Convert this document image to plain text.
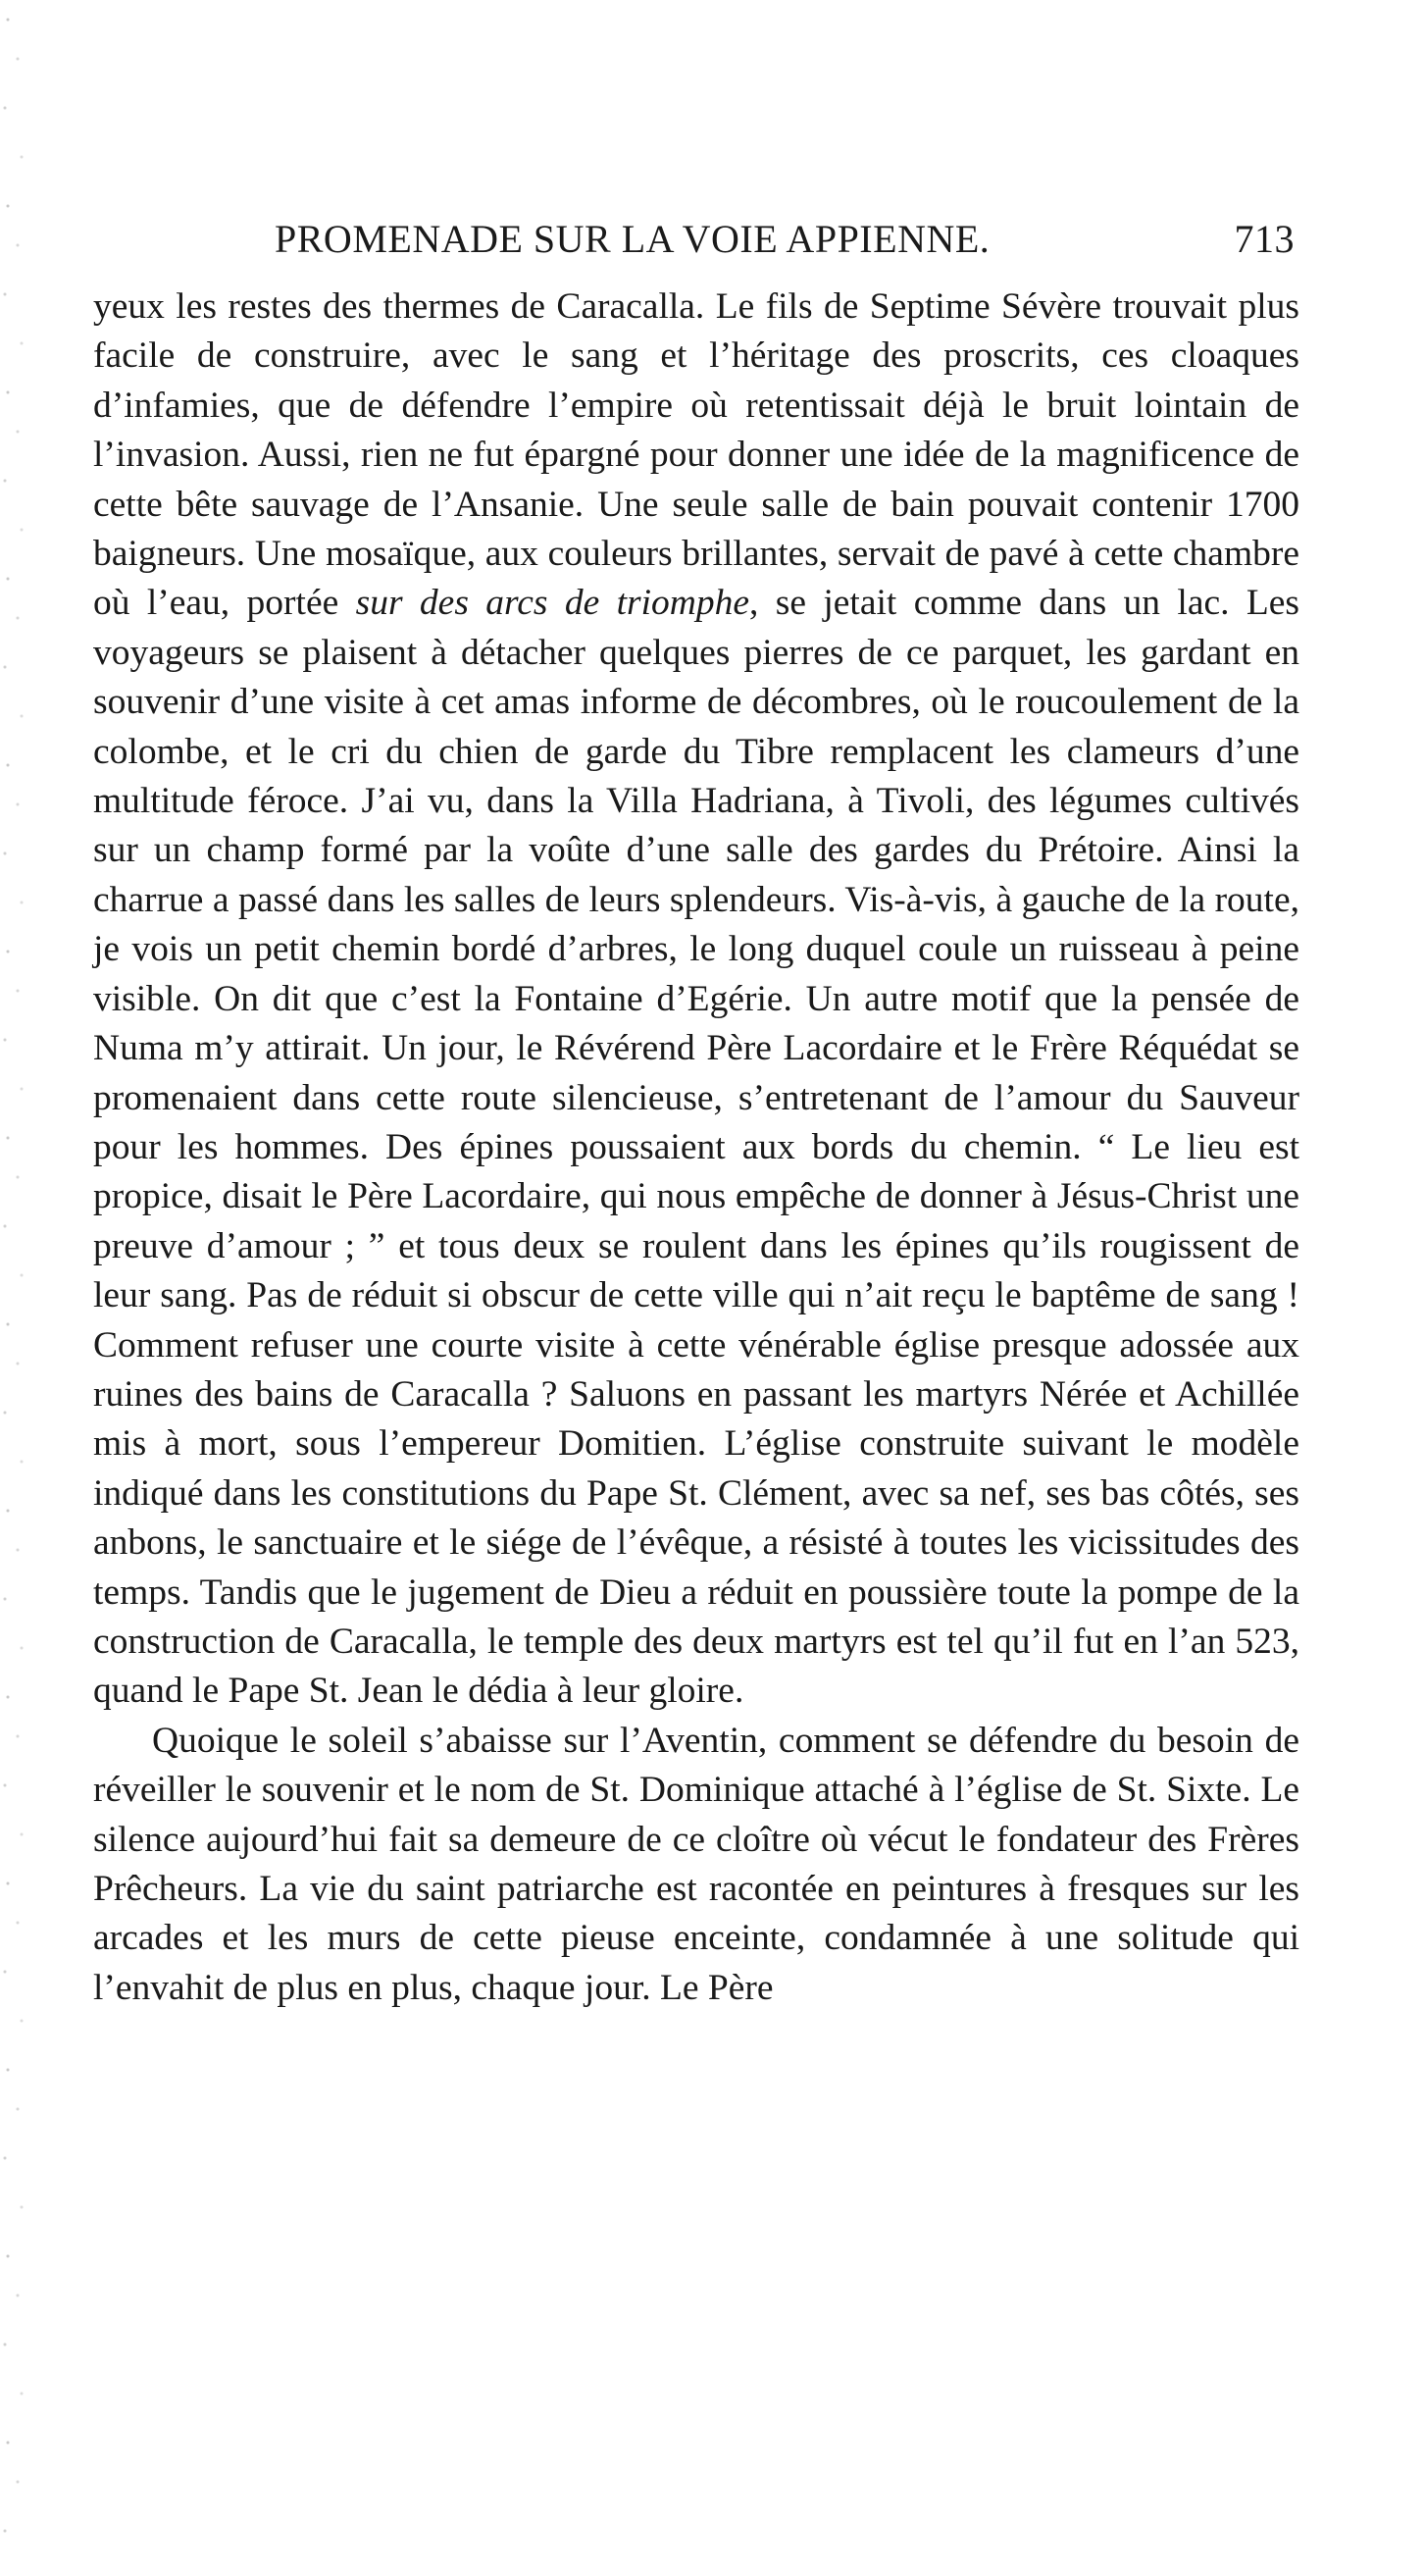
PROMENADE SUR LA VOIE APPIENNE.	713

yeux les restes des thermes de Caracalla. Le fils de Septime Sévère trouvait plus facile de construire, avec le sang et l’héritage des proscrits, ces cloaques d’infamies, que de défendre l’empire où retentissait déjà le bruit lointain de l’invasion. Aussi, rien ne fut épargné pour donner une idée de la magnificence de cette bête sauvage de l’Ansanie. Une seule salle de bain pouvait contenir 1700 baigneurs. Une mosaïque, aux couleurs brillantes, servait de pavé à cette chambre où l’eau, portée sur des arcs de triomphe, se jetait comme dans un lac. Les voyageurs se plaisent à détacher quelques pierres de ce parquet, les gardant en souvenir d’une visite à cet amas informe de décombres, où le roucoulement de la colombe, et le cri du chien de garde du Tibre remplacent les clameurs d’une multitude féroce. J’ai vu, dans la Villa Hadriana, à Tivoli, des légumes cultivés sur un champ formé par la voûte d’une salle des gardes du Prétoire. Ainsi la charrue a passé dans les salles de leurs splendeurs. Vis-à-vis, à gauche de la route, je vois un petit chemin bordé d’arbres, le long duquel coule un ruisseau à peine visible. On dit que c’est la Fontaine d’Egérie. Un autre motif que la pensée de Numa m’y attirait. Un jour, le Révérend Père Lacordaire et le Frère Réquédat se promenaient dans cette route silencieuse, s’entretenant de l’amour du Sauveur pour les hommes. Des épines poussaient aux bords du chemin. “ Le lieu est propice, disait le Père Lacordaire, qui nous empêche de donner à Jésus-Christ une preuve d’amour ; ” et tous deux se roulent dans les épines qu’ils rougissent de leur sang. Pas de réduit si obscur de cette ville qui n’ait reçu le baptême de sang ! Comment refuser une courte visite à cette vénérable église presque adossée aux ruines des bains de Caracalla ? Saluons en passant les martyrs Nérée et Achillée mis à mort, sous l’empereur Domitien. L’église construite suivant le modèle indiqué dans les constitutions du Pape St. Clément, avec sa nef, ses bas côtés, ses anbons, le sanctuaire et le siége de l’évêque, a résisté à toutes les vicissitudes des temps. Tandis que le jugement de Dieu a réduit en poussière toute la pompe de la construction de Caracalla, le temple des deux martyrs est tel qu’il fut en l’an 523, quand le Pape St. Jean le dédia à leur gloire.

Quoique le soleil s’abaisse sur l’Aventin, comment se défendre du besoin de réveiller le souvenir et le nom de St. Dominique attaché à l’église de St. Sixte. Le silence aujourd’hui fait sa demeure de ce cloître où vécut le fondateur des Frères Prêcheurs. La vie du saint patriarche est racontée en peintures à fresques sur les arcades et les murs de cette pieuse enceinte, condamnée à une solitude qui l’envahit de plus en plus, chaque jour. Le Père
